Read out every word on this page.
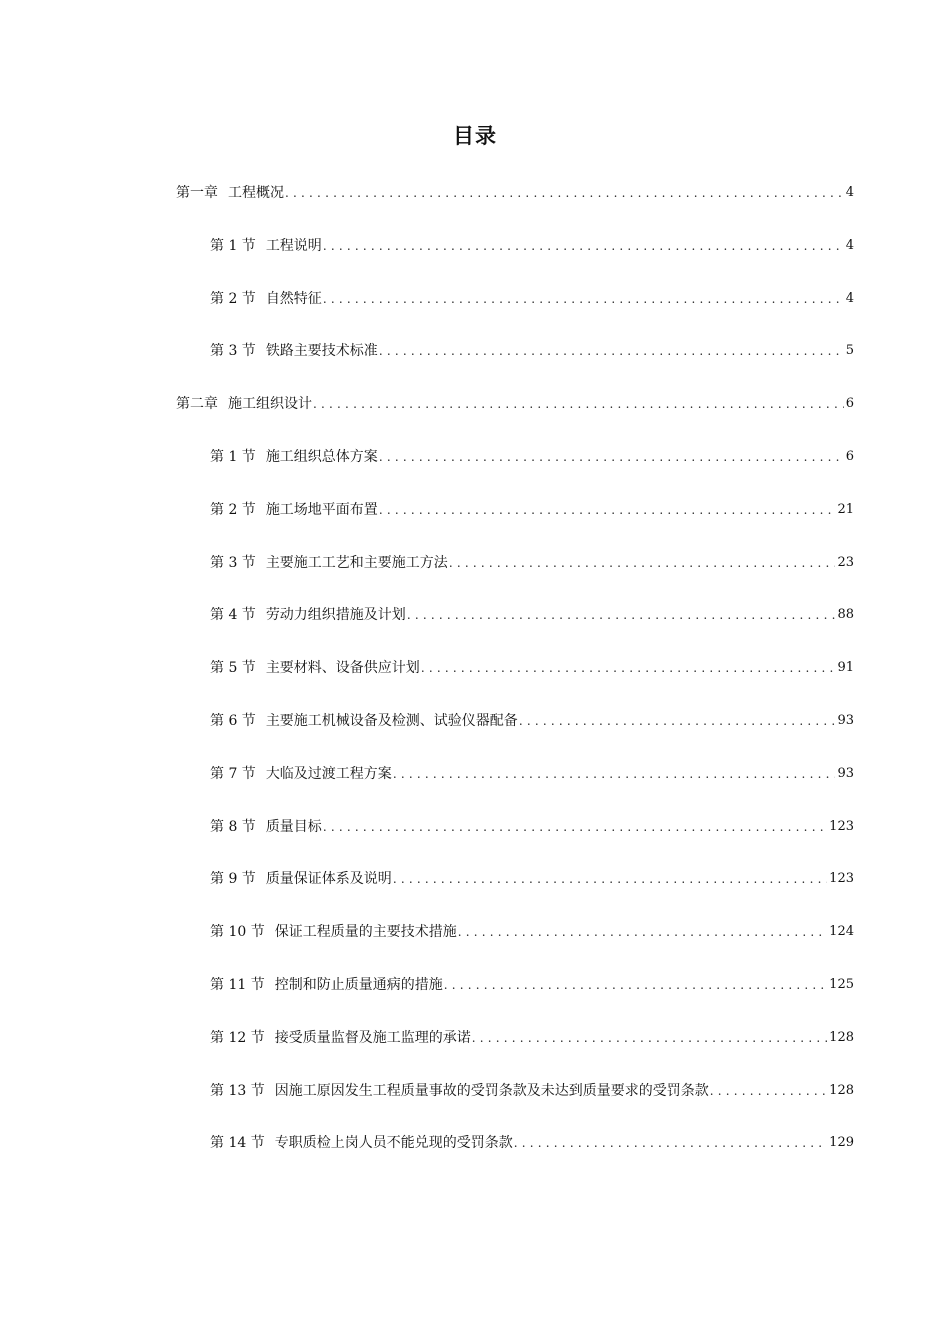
目录
第一章 工程概况 .....	4
第 1 节 工程说明 .....	4
第 2 节 自然特征 .....	4
第 3 节 铁路主要技术标准 .....	5
第二章 施工组织设计 .....	6
第 1 节 施工组织总体方案 .....	6
第 2 节 施工场地平面布置 .....	21
第 3 节 主要施工工艺和主要施工方法 .....	23
第 4 节 劳动力组织措施及计划 .....	88
第 5 节 主要材料、设备供应计划 .....	91
第 6 节 主要施工机械设备及检测、试验仪器配备 .....	93
第 7 节 大临及过渡工程方案 .....	93
第 8 节 质量目标 .....	123
第 9 节 质量保证体系及说明 .....	123
第 10 节 保证工程质量的主要技术措施 .....	124
第 11 节 控制和防止质量通病的措施 .....	125
第 12 节 接受质量监督及施工监理的承诺 .....	128
第 13 节 因施工原因发生工程质量事故的受罚条款及未达到质量要求的受罚条款 .....	128
第 14 节 专职质检上岗人员不能兑现的受罚条款 .....	129
